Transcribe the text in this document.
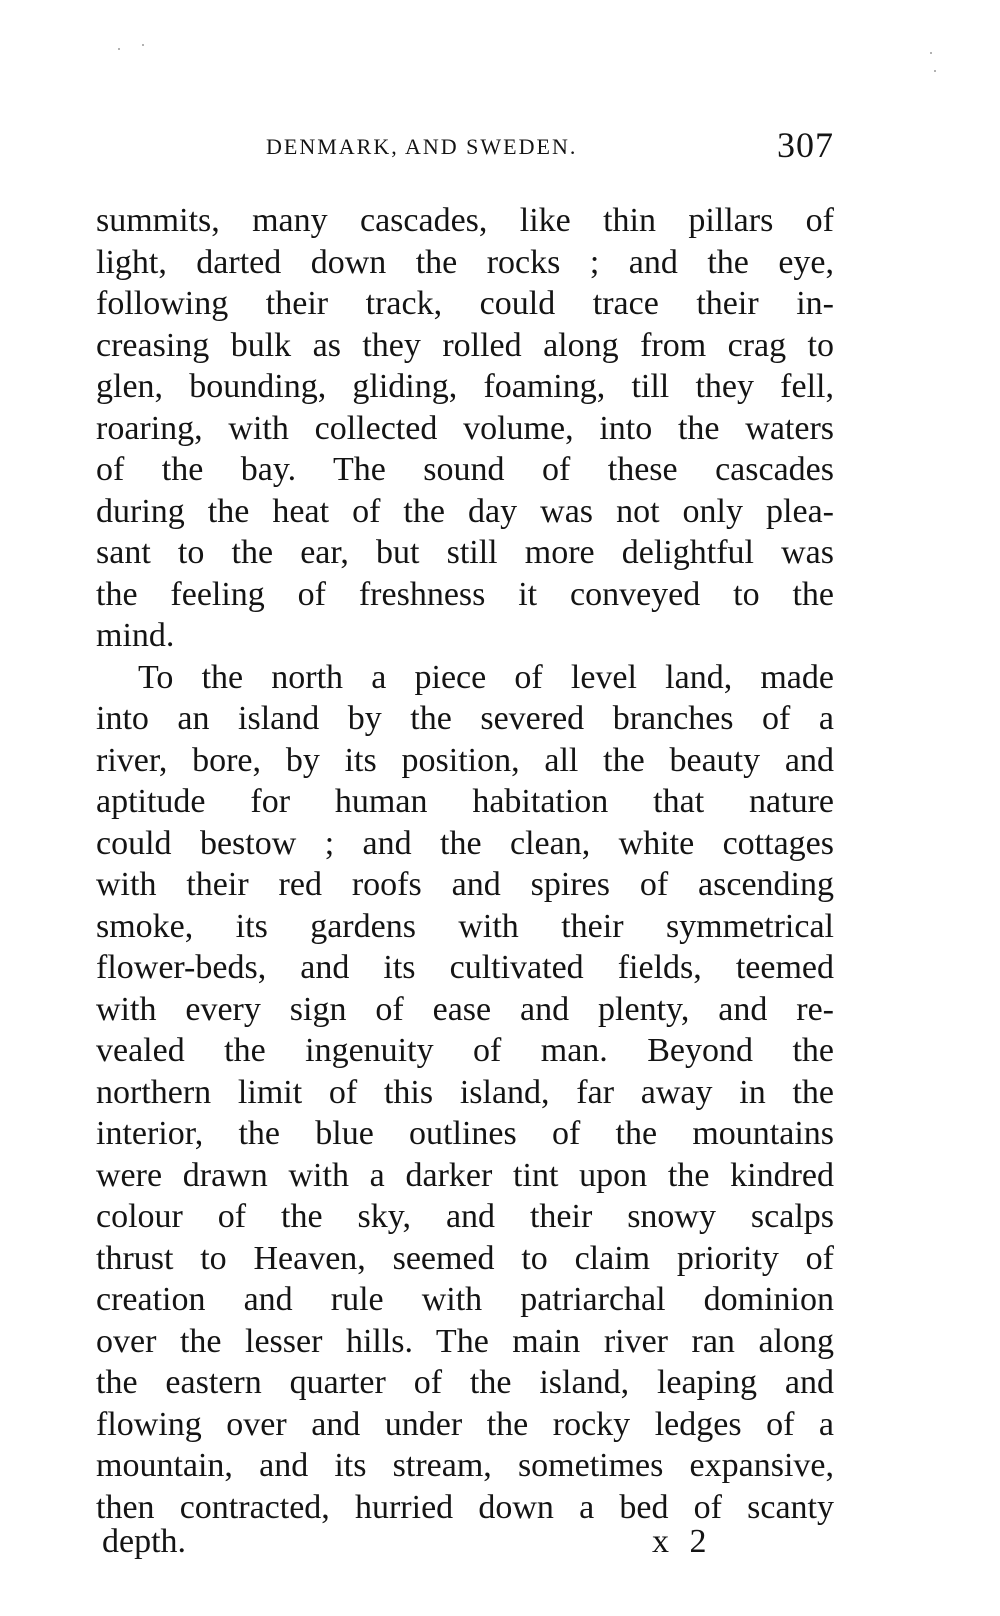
DENMARK, AND SWEDEN.	307
summits, many cascades, like thin pillars of
light, darted down the rocks ; and the eye,
following their track, could trace their in-
creasing bulk as they rolled along from crag to
glen, bounding, gliding, foaming, till they fell,
roaring, with collected volume, into the waters
of the bay. The sound of these cascades
during the heat of the day was not only plea-
sant to the ear, but still more delightful was
the feeling of freshness it conveyed to the
mind.
To the north a piece of level land, made
into an island by the severed branches of a
river, bore, by its position, all the beauty and
aptitude for human habitation that nature
could bestow ; and the clean, white cottages
with their red roofs and spires of ascending
smoke, its gardens with their symmetrical
flower-beds, and its cultivated fields, teemed
with every sign of ease and plenty, and re-
vealed the ingenuity of man. Beyond the
northern limit of this island, far away in the
interior, the blue outlines of the mountains
were drawn with a darker tint upon the kindred
colour of the sky, and their snowy scalps
thrust to Heaven, seemed to claim priority of
creation and rule with patriarchal dominion
over the lesser hills. The main river ran along
the eastern quarter of the island, leaping and
flowing over and under the rocky ledges of a
mountain, and its stream, sometimes expansive,
then contracted, hurried down a bed of scanty
depth.	x 2
